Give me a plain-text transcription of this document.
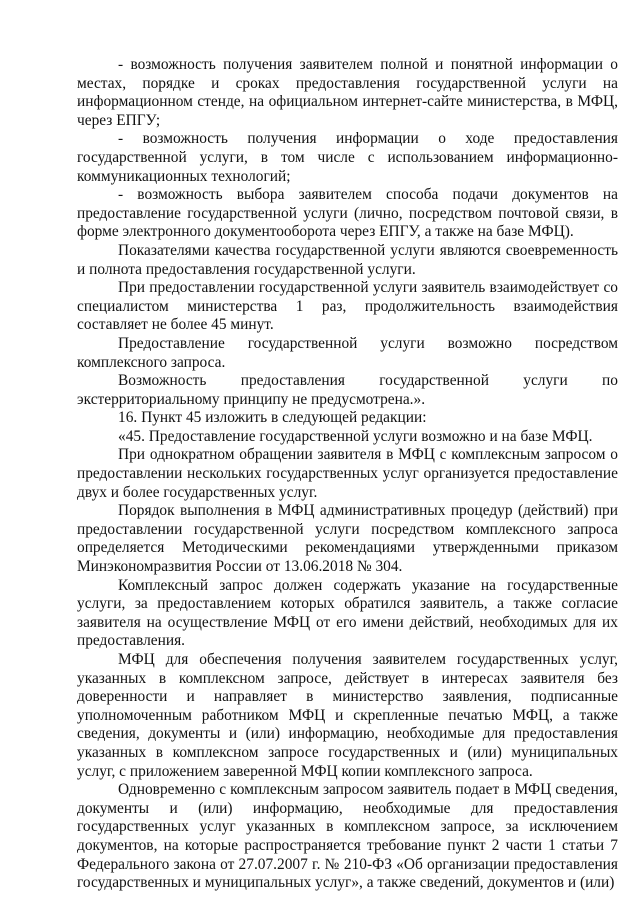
- возможность получения заявителем полной и понятной информации о местах, порядке и сроках предоставления государственной услуги на информационном стенде, на официальном интернет-сайте министерства, в МФЦ, через ЕПГУ;

- возможность получения информации о ходе предоставления государственной услуги, в том числе с использованием информационно-коммуникационных технологий;

- возможность выбора заявителем способа подачи документов на предоставление государственной услуги (лично, посредством почтовой связи, в форме электронного документооборота через ЕПГУ, а также на базе МФЦ).

Показателями качества государственной услуги являются своевременность и полнота предоставления государственной услуги.

При предоставлении государственной услуги заявитель взаимодействует со специалистом министерства 1 раз, продолжительность взаимодействия составляет не более 45 минут.

Предоставление государственной услуги возможно посредством комплексного запроса.

Возможность предоставления государственной услуги по экстерриториальному принципу не предусмотрена.».

16. Пункт 45 изложить в следующей редакции:

«45. Предоставление государственной услуги возможно и на базе МФЦ.

При однократном обращении заявителя в МФЦ с комплексным запросом о предоставлении нескольких государственных услуг организуется предоставление двух и более государственных услуг.

Порядок выполнения в МФЦ административных процедур (действий) при предоставлении государственной услуги посредством комплексного запроса определяется Методическими рекомендациями утвержденными приказом Минэкономразвития России от 13.06.2018 № 304.

Комплексный запрос должен содержать указание на государственные услуги, за предоставлением которых обратился заявитель, а также согласие заявителя на осуществление МФЦ от его имени действий, необходимых для их предоставления.

МФЦ для обеспечения получения заявителем государственных услуг, указанных в комплексном запросе, действует в интересах заявителя без доверенности и направляет в министерство заявления, подписанные уполномоченным работником МФЦ и скрепленные печатью МФЦ, а также сведения, документы и (или) информацию, необходимые для предоставления указанных в комплексном запросе государственных и (или) муниципальных услуг, с приложением заверенной МФЦ копии комплексного запроса.

Одновременно с комплексным запросом заявитель подает в МФЦ сведения, документы и (или) информацию, необходимые для предоставления государственных услуг указанных в комплексном запросе, за исключением документов, на которые распространяется требование пункт 2 части 1 статьи 7 Федерального закона от 27.07.2007 г. № 210-ФЗ «Об организации предоставления государственных и муниципальных услуг», а также сведений, документов и (или)
